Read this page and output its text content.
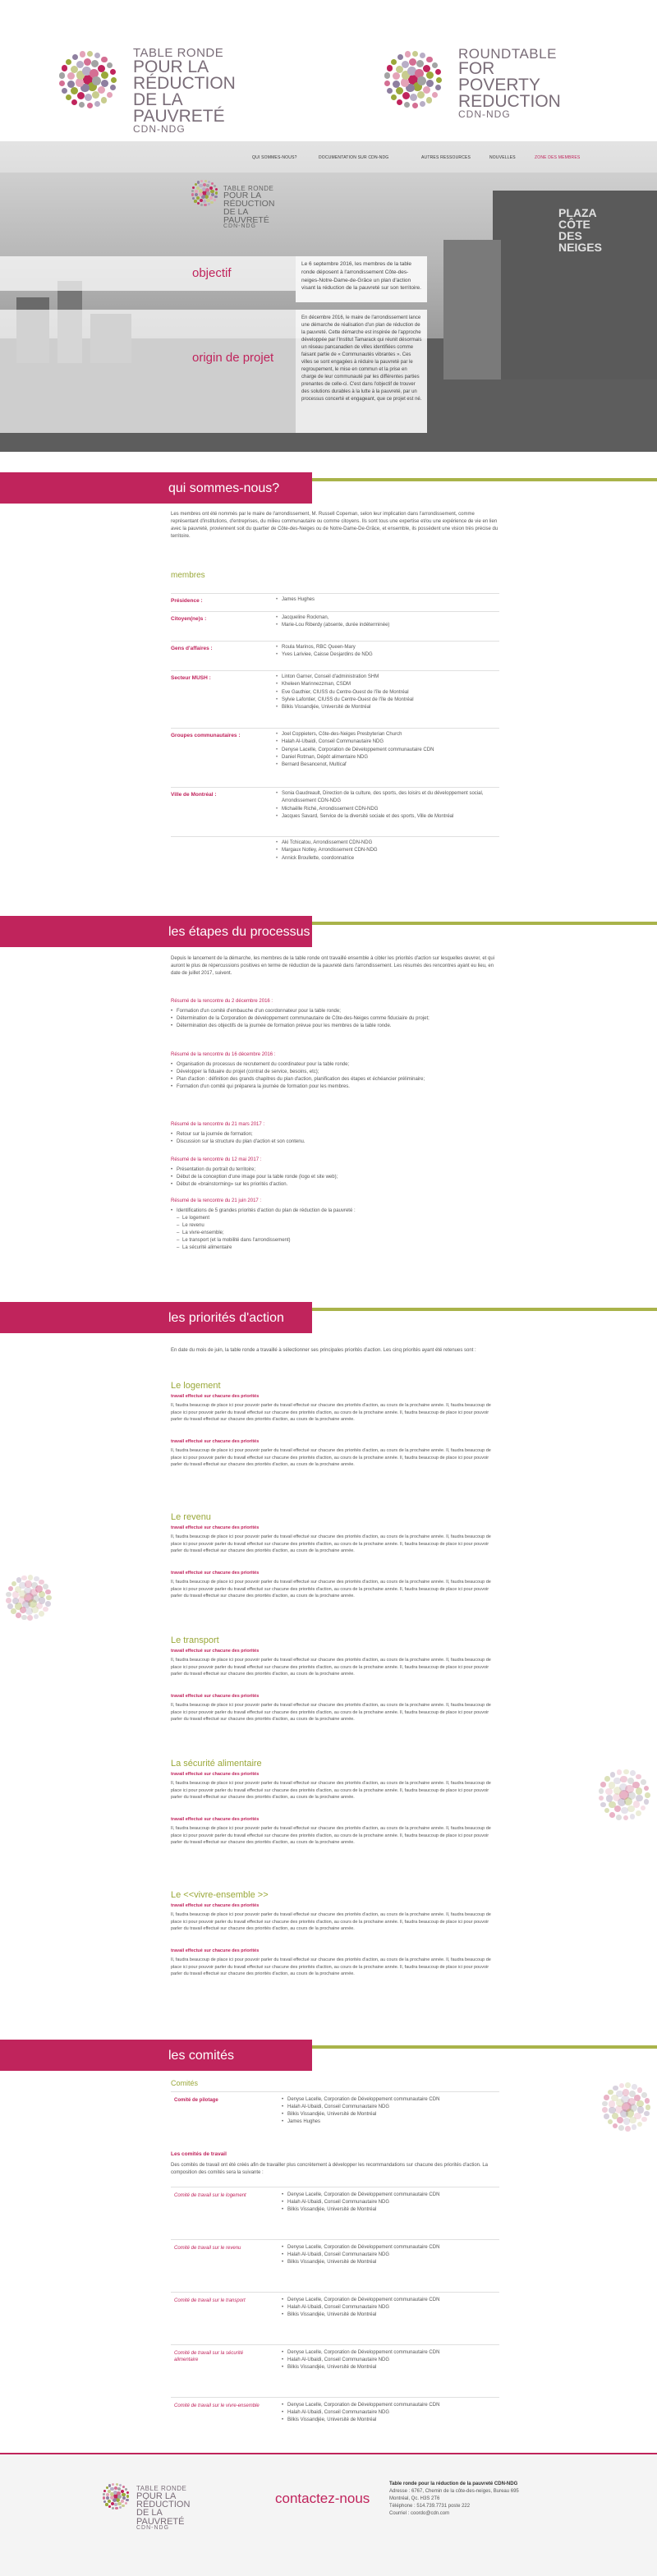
TABLE RONDE
POUR LA RÉDUCTION
DE LA PAUVRETÉ
CDN-NDG
ROUNDTABLE
FOR POVERTY
REDUCTION
CDN-NDG
PLAZA
CÔTE
DES
NEIGES
QUI SOMMES-NOUS?	DOCUMENTATION SUR CDN-NDG	AUTRES RESSOURCES	NOUVELLES	ZONE DES MEMBRES
TABLE RONDE
POUR LA RÉDUCTION
DE LA PAUVRETÉ
CDN-NDG
objectif
Le 6 septembre 2016, les membres de la table ronde déposent à l'arrondissement Côte-des-neiges-Notre-Dame-de-Grâce un plan d'action visant la réduction de la pauvreté sur son territoire.
origin de projet
En décembre 2016, le maire de l'arrondissement lance une démarche de réalisation d'un plan de réduction de la pauvreté. Cette démarche est inspirée de l'approche développée par l'Institut Tamarack qui réunit désormais un réseau pancanadien de villes identifiées comme faisant partie de « Communautés vibrantes ». Ces villes se sont engagées à réduire la pauvreté par le regroupement, le mise en commun et la prise en charge de leur communauté par les différentes parties prenantes de celle-ci. C'est dans l'objectif de trouver des solutions durables à la lutte à la pauvreté, par un processus concerté et engageant, que ce projet est né.
qui sommes-nous?
Les membres ont été nommés par le maire de l'arrondissement, M. Russell Copeman, selon leur implication dans l'arrondissement, comme représentant d'institutions, d'entreprises, du milieu communautaire ou comme citoyens. Ils sont tous une expertise et/ou une expérience de vie en lien avec la pauvreté, proviennent soit du quartier de Côte-des-Neiges ou de Notre-Dame-De-Grâce, et ensemble, ils possèdent une vision très précise du territoire.
membres
Présidence :	• James Hughes
Citoyen(ne)s :	• Jacqueline Rockman,
• Marie-Lou Riberdy (absente, durée indéterminée)
Gens d'affaires :	• Roula Marinos, RBC Queen-Mary
• Yves Lariviee, Caisse Desjardins de NDG
Secteur MUSH :	• Linton Garner, Conseil d'administration SHM
• Kheleen Marinnezzman, CSDM
• Eve Gauthier, CIUSS du Centre-Ouest de l'île de Montréal
• Sylvie Lafontier, CIUSS du Centre-Ouest de l'île de Montréal
• Bilkis Vissandjée, Université de Montréal
Groupes communautaires :	• Joel Coppieters, Côte-des-Neiges Presbyterian Church
• Halah Al-Ubaidi, Conseil Communautaire NDG
• Denyse Lacelle, Corporation de Développement communautaire CDN
• Daniel Rotman, Dépôt alimentaire NDG
• Bernard Besancenot, Multicaf
Ville de Montréal :	• Sonia Gaudreault, Direction de la culture, des sports, des loisirs et du développement social, Arrondissement CDN-NDG
• Michaëlle Riché, Arrondissement CDN-NDG
• Jacques Savard, Service de la diversité sociale et des sports, Ville de Montréal
• Aki Tchicatou, Arrondissement CDN-NDG
• Margaux Notley, Arrondissement CDN-NDG
• Annick Broullette, coordonnatrice
les étapes du processus
Depuis le lancement de la démarche, les membres de la table ronde ont travaillé ensemble à cibler les priorités d'action sur lesquelles œuvrer, et qui auront le plus de répercussions positives en terme de réduction de la pauvreté dans l'arrondissement. Les résumés des rencontres ayant eu lieu, en date de juillet 2017, suivent.
Résumé de la rencontre du 2 décembre 2016 :
• Formation d'un comité d'embauche d'un coordonnateur pour la table ronde;
• Détermination de la Corporation de développement communautaire de Côte-des-Neiges comme fiduciaire du projet;
• Détermination des objectifs de la journée de formation prévue pour les membres de la table ronde.
Résumé de la rencontre du 16 décembre 2016 :
• Organisation du processus de recrutement du coordinateur pour la table ronde;
• Développer la fiduaire du projet (contrat de service, besoins, etc);
• Plan d'action : définition des grands chapitres du plan d'action, planification des étapes et échéancier préliminaire;
• Formation d'un comité qui préparera la journée de formation pour les membres.
Résumé de la rencontre du 21 mars 2017 :
• Retour sur la journée de formation;
• Discussion sur la structure du plan d'action et son contenu.
Résumé de la rencontre du 12 mai 2017 :
• Présentation du portrait du territoire;
• Début de la conception d'une image pour la table ronde (logo et site web);
• Début de «brainstorming» sur les priorités d'action.
Résumé de la rencontre du 21 juin 2017 :
• Identifications de 5 grandes priorités d'action du plan de réduction de la pauvreté :
– Le logement
– Le revenu
– La vivre-ensemble;
– Le transport (et la mobilité dans l'arrondissement)
– La sécurité alimentaire
les priorités d'action
En date du mois de juin, la table ronde a travaillé à sélectionner ses principales priorités d'action. Les cinq priorités ayant été retenues sont :
Le logement
travail effectué sur chacune des priorités
Il, faudra beaucoup de place ici pour pouvoir parler du travail effectué sur chacune des priorités d'action, au cours de la prochaine année. Il, faudra beaucoup de place ici pour pouvoir parler du travail effectué sur chacune des priorités d'action, au cours de la prochaine année. Il, faudra beaucoup de place ici pour pouvoir parler du travail effectué sur chacune des priorités d'action, au cours de la prochaine année.
travail effectué sur chacune des priorités
Il, faudra beaucoup de place ici pour pouvoir parler du travail effectué sur chacune des priorités d'action, au cours de la prochaine année. Il, faudra beaucoup de place ici pour pouvoir parler du travail effectué sur chacune des priorités d'action, au cours de la prochaine année. Il, faudra beaucoup de place ici pour pouvoir parler du travail effectué sur chacune des priorités d'action, au cours de la prochaine année.
Le revenu
travail effectué sur chacune des priorités
Il, faudra beaucoup de place ici pour pouvoir parler du travail effectué sur chacune des priorités d'action, au cours de la prochaine année. Il, faudra beaucoup de place ici pour pouvoir parler du travail effectué sur chacune des priorités d'action, au cours de la prochaine année. Il, faudra beaucoup de place ici pour pouvoir parler du travail effectué sur chacune des priorités d'action, au cours de la prochaine année.
travail effectué sur chacune des priorités
Il, faudra beaucoup de place ici pour pouvoir parler du travail effectué sur chacune des priorités d'action, au cours de la prochaine année. Il, faudra beaucoup de place ici pour pouvoir parler du travail effectué sur chacune des priorités d'action, au cours de la prochaine année. Il, faudra beaucoup de place ici pour pouvoir parler du travail effectué sur chacune des priorités d'action, au cours de la prochaine année.
Le transport
travail effectué sur chacune des priorités
Il, faudra beaucoup de place ici pour pouvoir parler du travail effectué sur chacune des priorités d'action, au cours de la prochaine année. Il, faudra beaucoup de place ici pour pouvoir parler du travail effectué sur chacune des priorités d'action, au cours de la prochaine année. Il, faudra beaucoup de place ici pour pouvoir parler du travail effectué sur chacune des priorités d'action, au cours de la prochaine année.
travail effectué sur chacune des priorités
Il, faudra beaucoup de place ici pour pouvoir parler du travail effectué sur chacune des priorités d'action, au cours de la prochaine année. Il, faudra beaucoup de place ici pour pouvoir parler du travail effectué sur chacune des priorités d'action, au cours de la prochaine année. Il, faudra beaucoup de place ici pour pouvoir parler du travail effectué sur chacune des priorités d'action, au cours de la prochaine année.
La sécurité alimentaire
travail effectué sur chacune des priorités
Il, faudra beaucoup de place ici pour pouvoir parler du travail effectué sur chacune des priorités d'action, au cours de la prochaine année. Il, faudra beaucoup de place ici pour pouvoir parler du travail effectué sur chacune des priorités d'action, au cours de la prochaine année. Il, faudra beaucoup de place ici pour pouvoir parler du travail effectué sur chacune des priorités d'action, au cours de la prochaine année.
travail effectué sur chacune des priorités
Il, faudra beaucoup de place ici pour pouvoir parler du travail effectué sur chacune des priorités d'action, au cours de la prochaine année. Il, faudra beaucoup de place ici pour pouvoir parler du travail effectué sur chacune des priorités d'action, au cours de la prochaine année. Il, faudra beaucoup de place ici pour pouvoir parler du travail effectué sur chacune des priorités d'action, au cours de la prochaine année.
Le <<vivre-ensemble >>
travail effectué sur chacune des priorités
Il, faudra beaucoup de place ici pour pouvoir parler du travail effectué sur chacune des priorités d'action, au cours de la prochaine année. Il, faudra beaucoup de place ici pour pouvoir parler du travail effectué sur chacune des priorités d'action, au cours de la prochaine année. Il, faudra beaucoup de place ici pour pouvoir parler du travail effectué sur chacune des priorités d'action, au cours de la prochaine année.
travail effectué sur chacune des priorités
Il, faudra beaucoup de place ici pour pouvoir parler du travail effectué sur chacune des priorités d'action, au cours de la prochaine année. Il, faudra beaucoup de place ici pour pouvoir parler du travail effectué sur chacune des priorités d'action, au cours de la prochaine année. Il, faudra beaucoup de place ici pour pouvoir parler du travail effectué sur chacune des priorités d'action, au cours de la prochaine année.
les comités
Comités
Comité de pilotage	• Denyse Lacelle, Corporation de Développement communautaire CDN
• Halah Al-Ubaidi, Conseil Communautaire NDG
• Bilkis Vissandjée, Université de Montréal
• James Hughes
Les comités de travail
Des comités de travail ont été créés afin de travailler plus concrètement à développer les recommandations sur chacune des priorités d'action. La composition des comités sera la suivante :
Comité de travail sur le logement	• Denyse Lacelle, Corporation de Développement communautaire CDN
• Halah Al-Ubaidi, Conseil Communautaire NDG
• Bilkis Vissandjée, Université de Montréal
Comité de travail sur le revenu	• Denyse Lacelle, Corporation de Développement communautaire CDN
• Halah Al-Ubaidi, Conseil Communautaire NDG
• Bilkis Vissandjée, Université de Montréal
Comité de travail sur le transport	• Denyse Lacelle, Corporation de Développement communautaire CDN
• Halah Al-Ubaidi, Conseil Communautaire NDG
• Bilkis Vissandjée, Université de Montréal
Comité de travail sur la sécurité alimentaire
• Denyse Lacelle, Corporation de Développement communautaire CDN
• Halah Al-Ubaidi, Conseil Communautaire NDG
• Bilkis Vissandjée, Université de Montréal
Comité de travail sur le vivre-ensemble	• Denyse Lacelle, Corporation de Développement communautaire CDN
• Halah Al-Ubaidi, Conseil Communautaire NDG
• Bilkis Vissandjée, Université de Montréal
TABLE RONDE
POUR LA RÉDUCTION
DE LA PAUVRETÉ
CDN-NDG
contactez-nous
Table ronde pour la réduction de la pauvreté CDN-NDG
Adresse : 6767, Chemin de la côte-des-neiges, Bureau 695
Montréal, Qc. H3S 2T6
Téléphone : 514.739.7731 poste 222
Courriel : coordo@cdn.com
